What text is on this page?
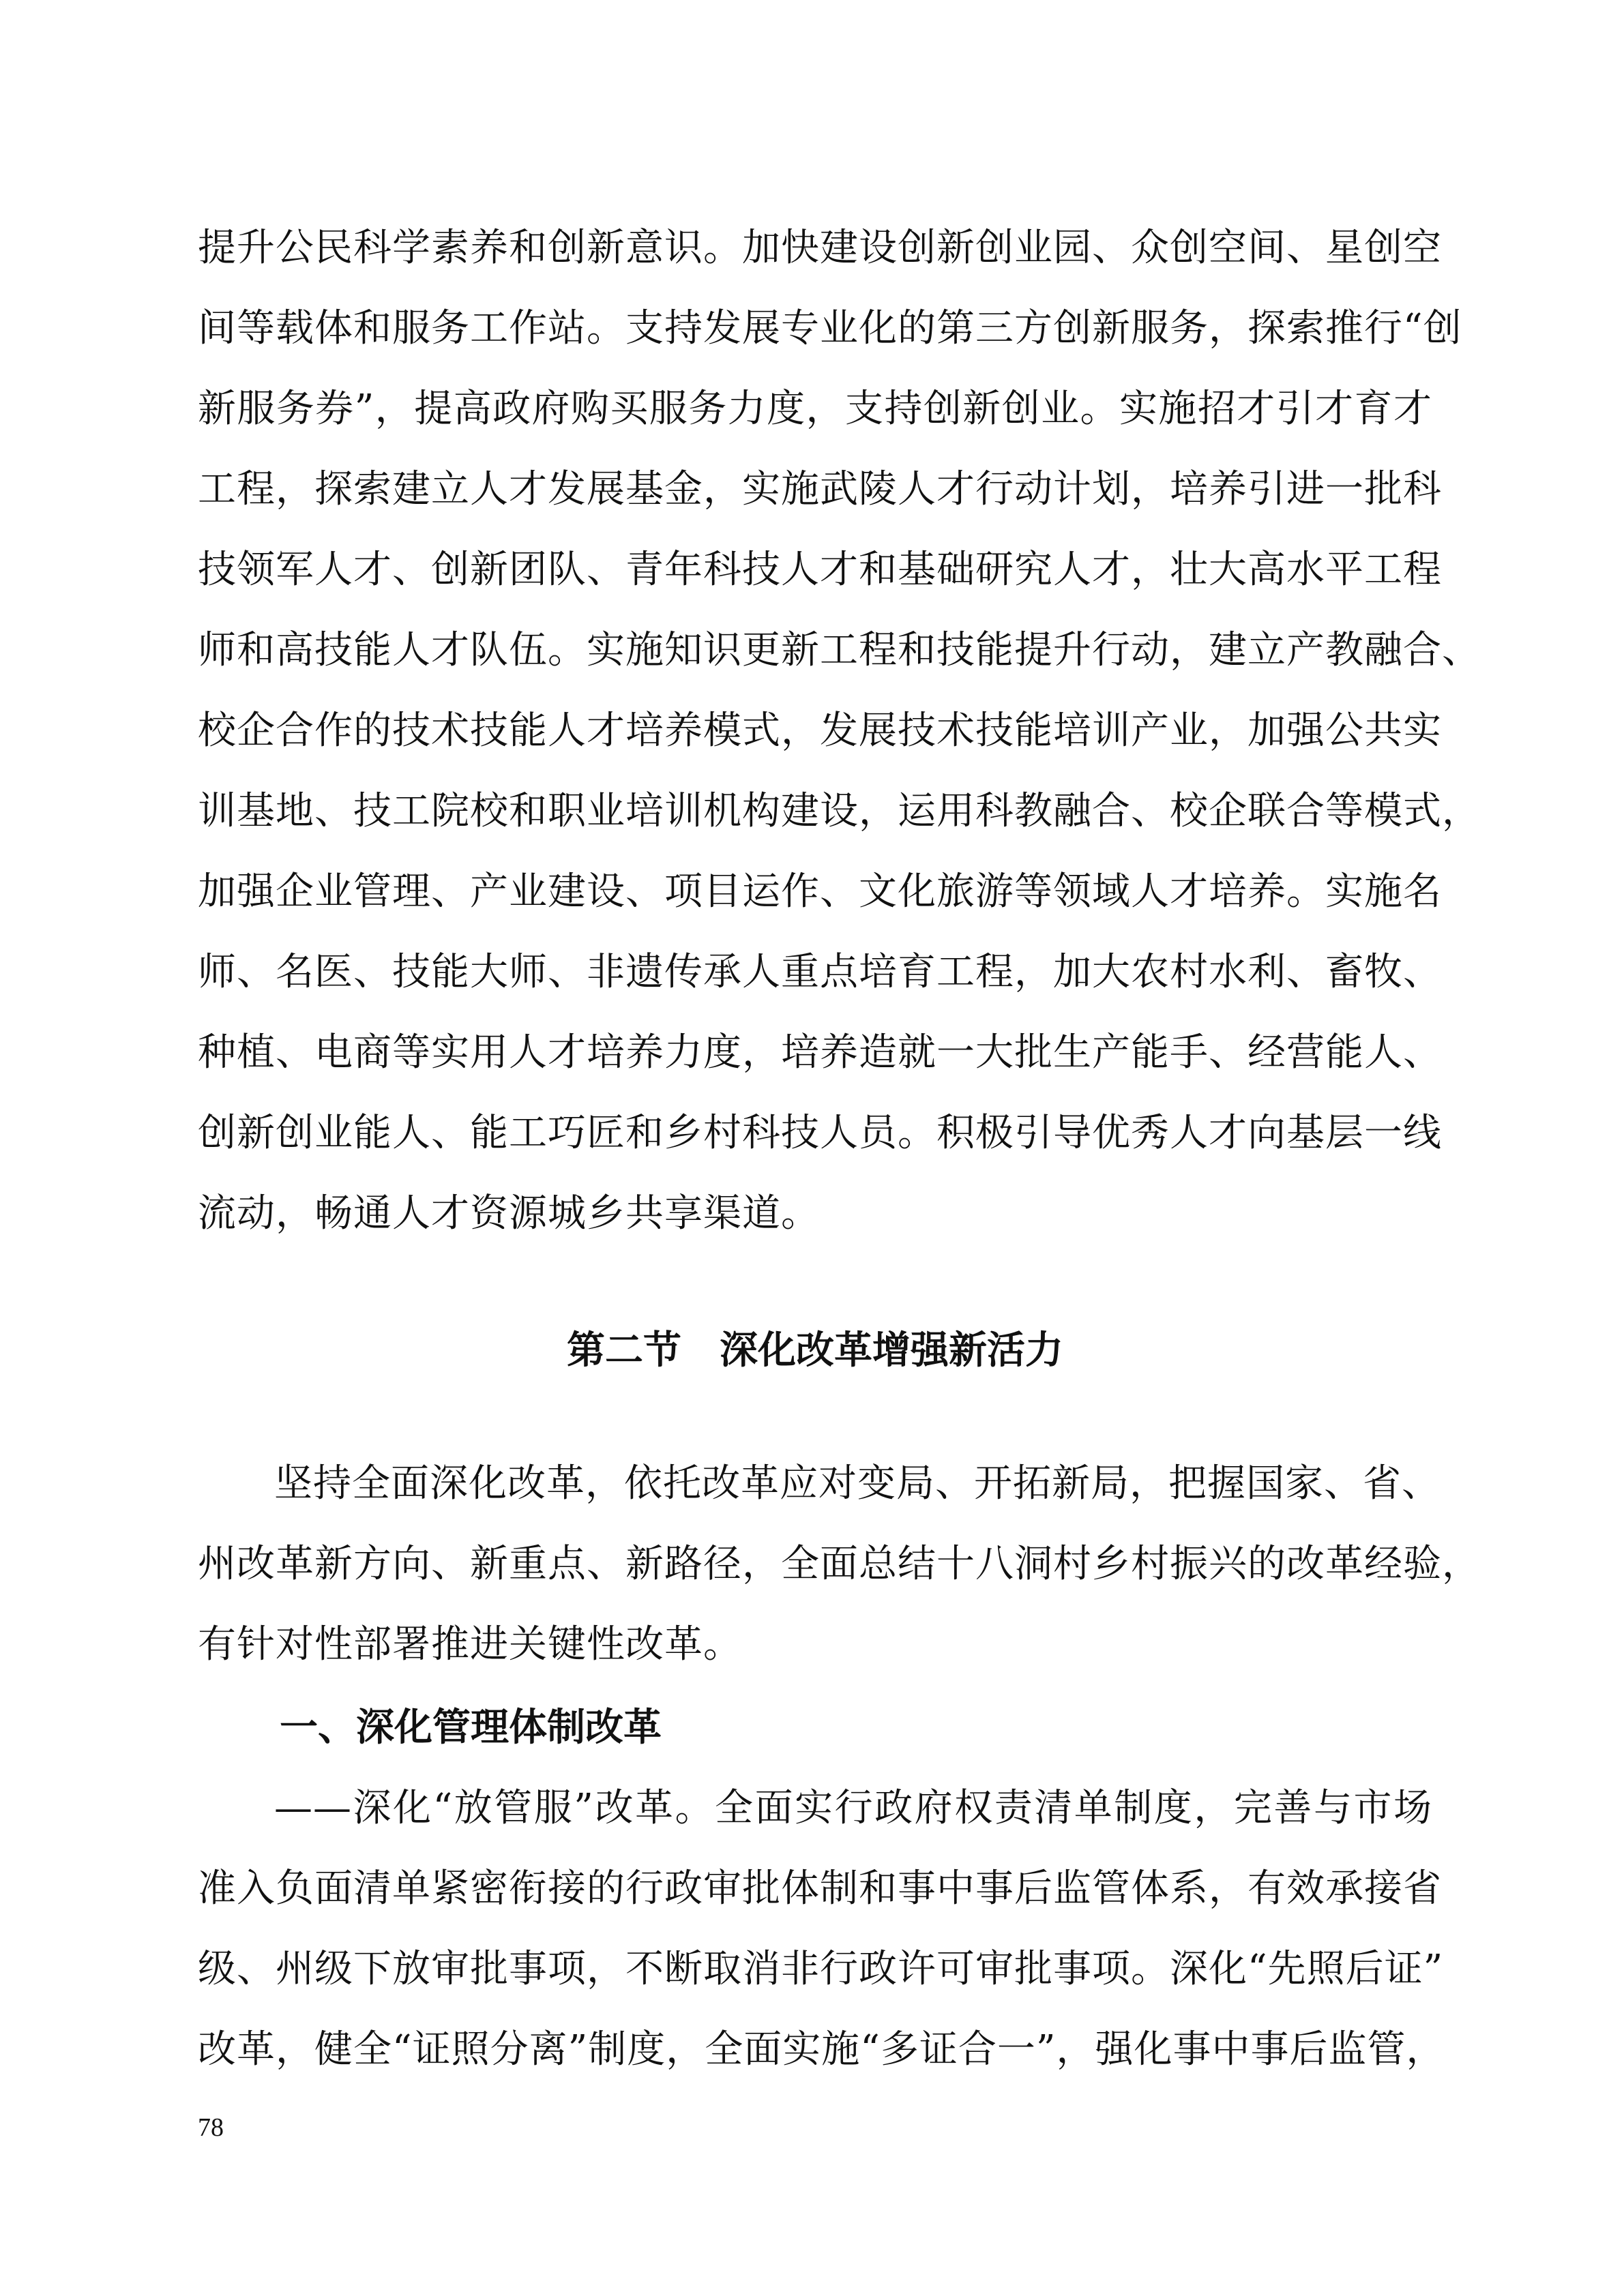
提升公民科学素养和创新意识。加快建设创新创业园、众创空间、星创空
间等载体和服务工作站。支持发展专业化的第三方创新服务，探索推行“创
新服务券”，提高政府购买服务力度，支持创新创业。实施招才引才育才
工程，探索建立人才发展基金，实施武陵人才行动计划，培养引进一批科
技领军人才、创新团队、青年科技人才和基础研究人才，壮大高水平工程
师和高技能人才队伍。实施知识更新工程和技能提升行动，建立产教融合、
校企合作的技术技能人才培养模式，发展技术技能培训产业，加强公共实
训基地、技工院校和职业培训机构建设，运用科教融合、校企联合等模式，
加强企业管理、产业建设、项目运作、文化旅游等领域人才培养。实施名
师、名医、技能大师、非遗传承人重点培育工程，加大农村水利、畜牧、
种植、电商等实用人才培养力度，培养造就一大批生产能手、经营能人、
创新创业能人、能工巧匠和乡村科技人员。积极引导优秀人才向基层一线
流动，畅通人才资源城乡共享渠道。
第二节　深化改革增强新活力
坚持全面深化改革，依托改革应对变局、开拓新局，把握国家、省、
州改革新方向、新重点、新路径，全面总结十八洞村乡村振兴的改革经验，
有针对性部署推进关键性改革。
一、深化管理体制改革
——深化“放管服”改革。全面实行政府权责清单制度，完善与市场
准入负面清单紧密衔接的行政审批体制和事中事后监管体系，有效承接省
级、州级下放审批事项，不断取消非行政许可审批事项。深化“先照后证”
改革，健全“证照分离”制度，全面实施“多证合一”，强化事中事后监管，
78
